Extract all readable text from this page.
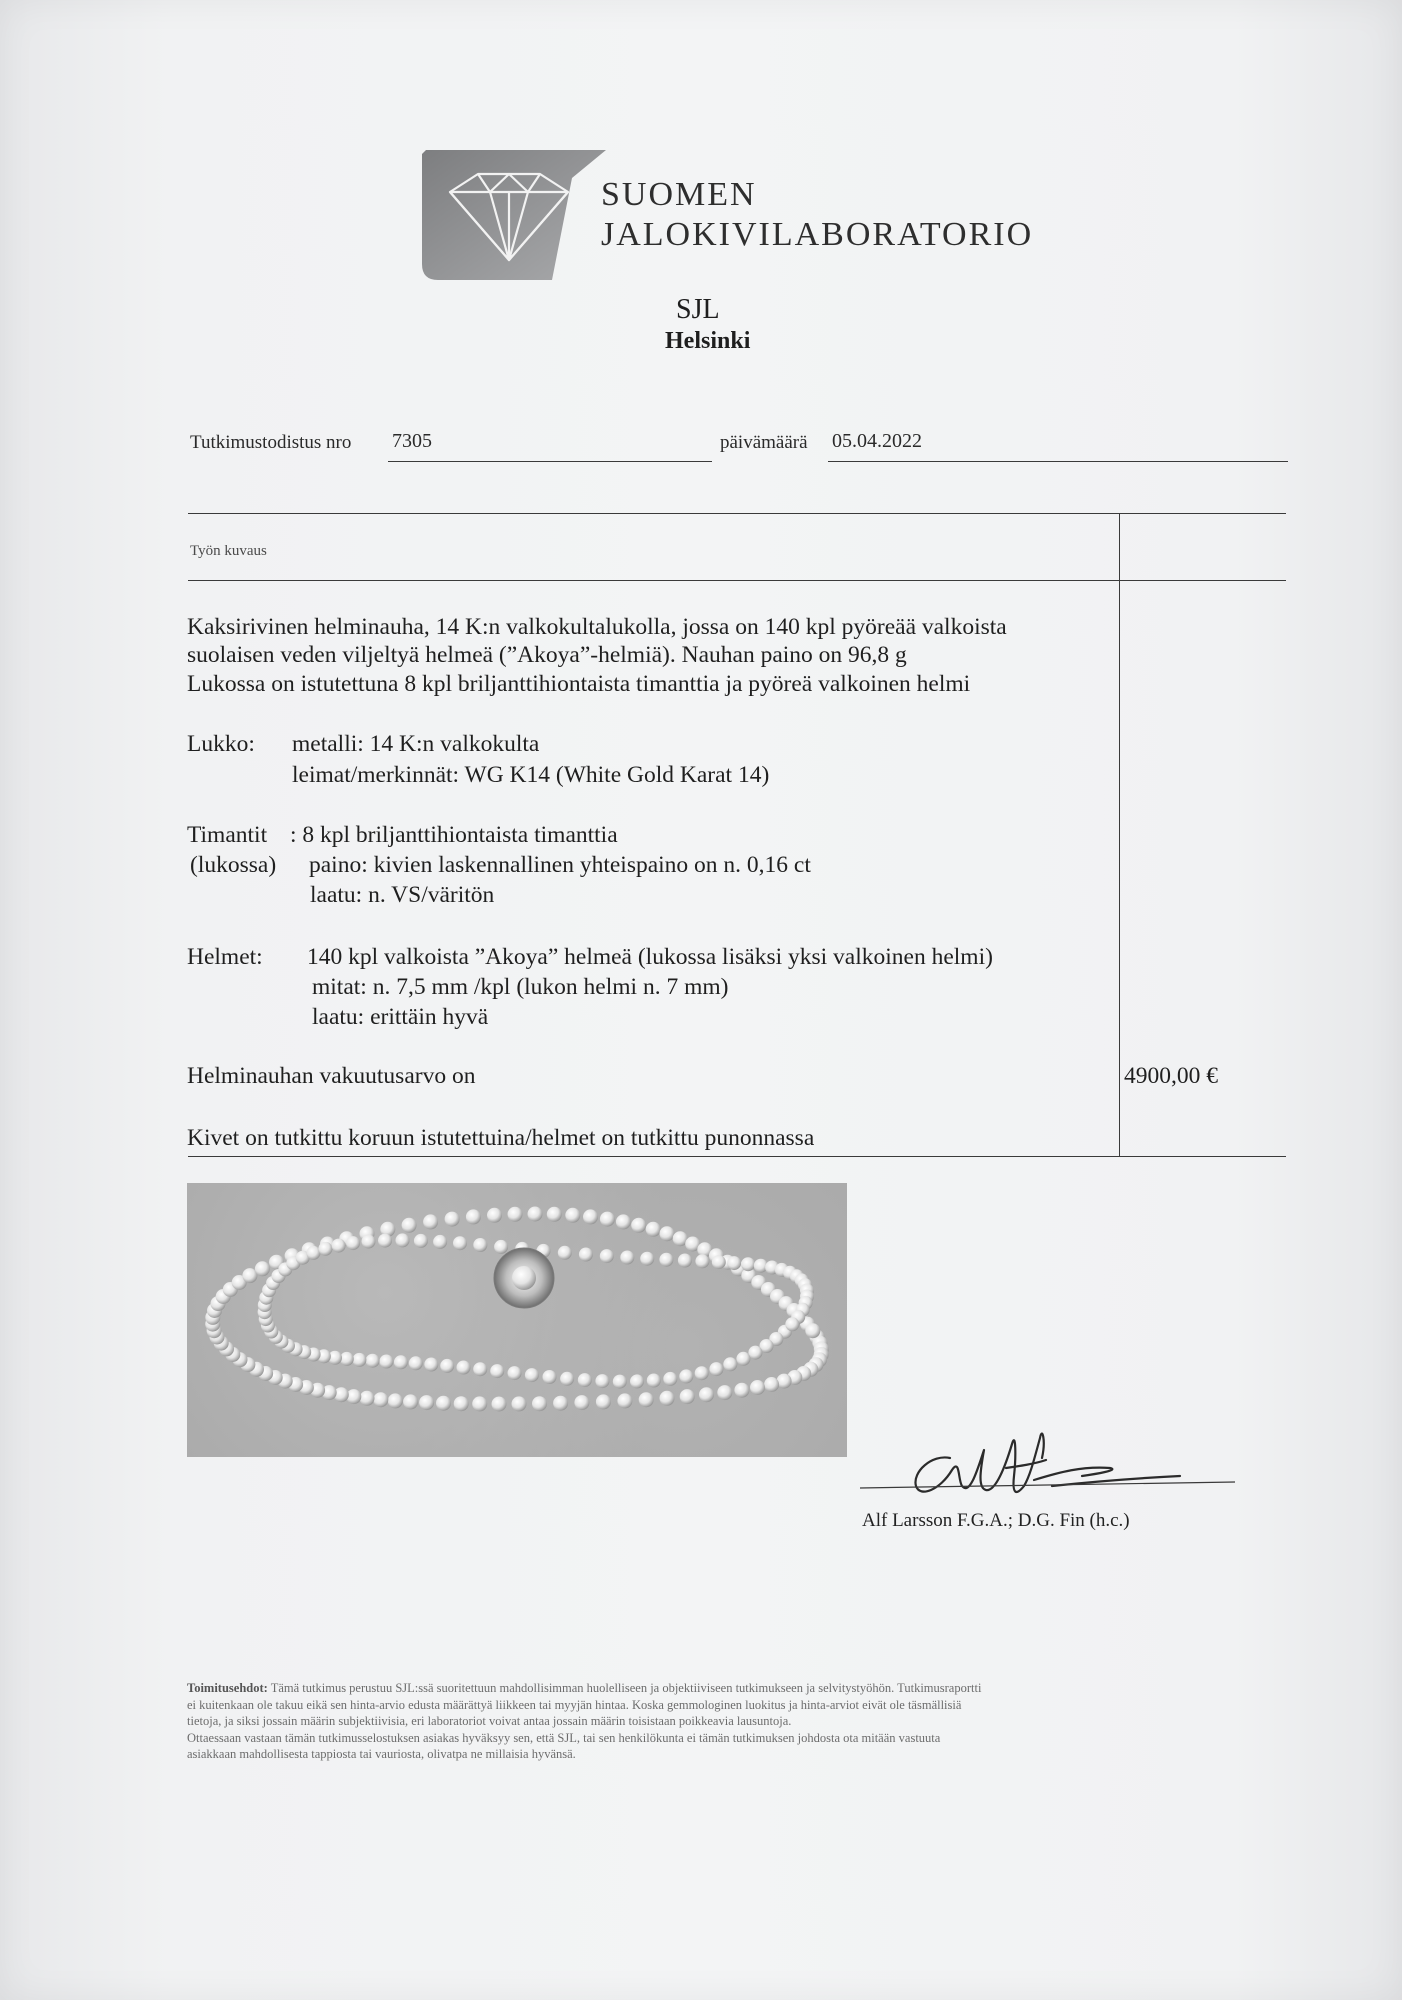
SUOMEN
JALOKIVILABORATORIO
SJL
Helsinki
Tutkimustodistus nro 7305	päivämäärä 05.04.2022
Työn kuvaus
Kaksirivinen helminauha, 14 K:n valkokultalukolla, jossa on 140 kpl pyöreää valkoista
suolaisen veden viljeltyä helmeä (”Akoya”-helmiä). Nauhan paino on 96,8 g
Lukossa on istutettuna 8 kpl briljanttihiontaista timanttia ja pyöreä valkoinen helmi
Lukko: metalli: 14 K:n valkokulta
leimat/merkinnät: WG K14 (White Gold Karat 14)
Timantit : 8 kpl briljanttihiontaista timanttia
(lukossa) paino: kivien laskennallinen yhteispaino on n. 0,16 ct
laatu: n. VS/väritön
Helmet: 140 kpl valkoista ”Akoya” helmeä (lukossa lisäksi yksi valkoinen helmi)
mitat: n. 7,5 mm /kpl (lukon helmi n. 7 mm)
laatu: erittäin hyvä
Helminauhan vakuutusarvo on	4900,00 €
Kivet on tutkittu koruun istutettuina/helmet on tutkittu punonnassa
Alf Larsson F.G.A.; D.G. Fin (h.c.)
Toimitusehdot: Tämä tutkimus perustuu SJL:ssä suoritettuun mahdollisimman huolelliseen ja objektiiviseen tutkimukseen ja selvitystyöhön. Tutkimusraportti
ei kuitenkaan ole takuu eikä sen hinta-arvio edusta määrättyä liikkeen tai myyjän hintaa. Koska gemmologinen luokitus ja hinta-arviot eivät ole täsmällisiä
tietoja, ja siksi jossain määrin subjektiivisia, eri laboratoriot voivat antaa jossain määrin toisistaan poikkeavia lausuntoja.
Ottaessaan vastaan tämän tutkimusselostuksen asiakas hyväksyy sen, että SJL, tai sen henkilökunta ei tämän tutkimuksen johdosta ota mitään vastuuta
asiakkaan mahdollisesta tappiosta tai vauriosta, olivatpa ne millaisia hyvänsä.
